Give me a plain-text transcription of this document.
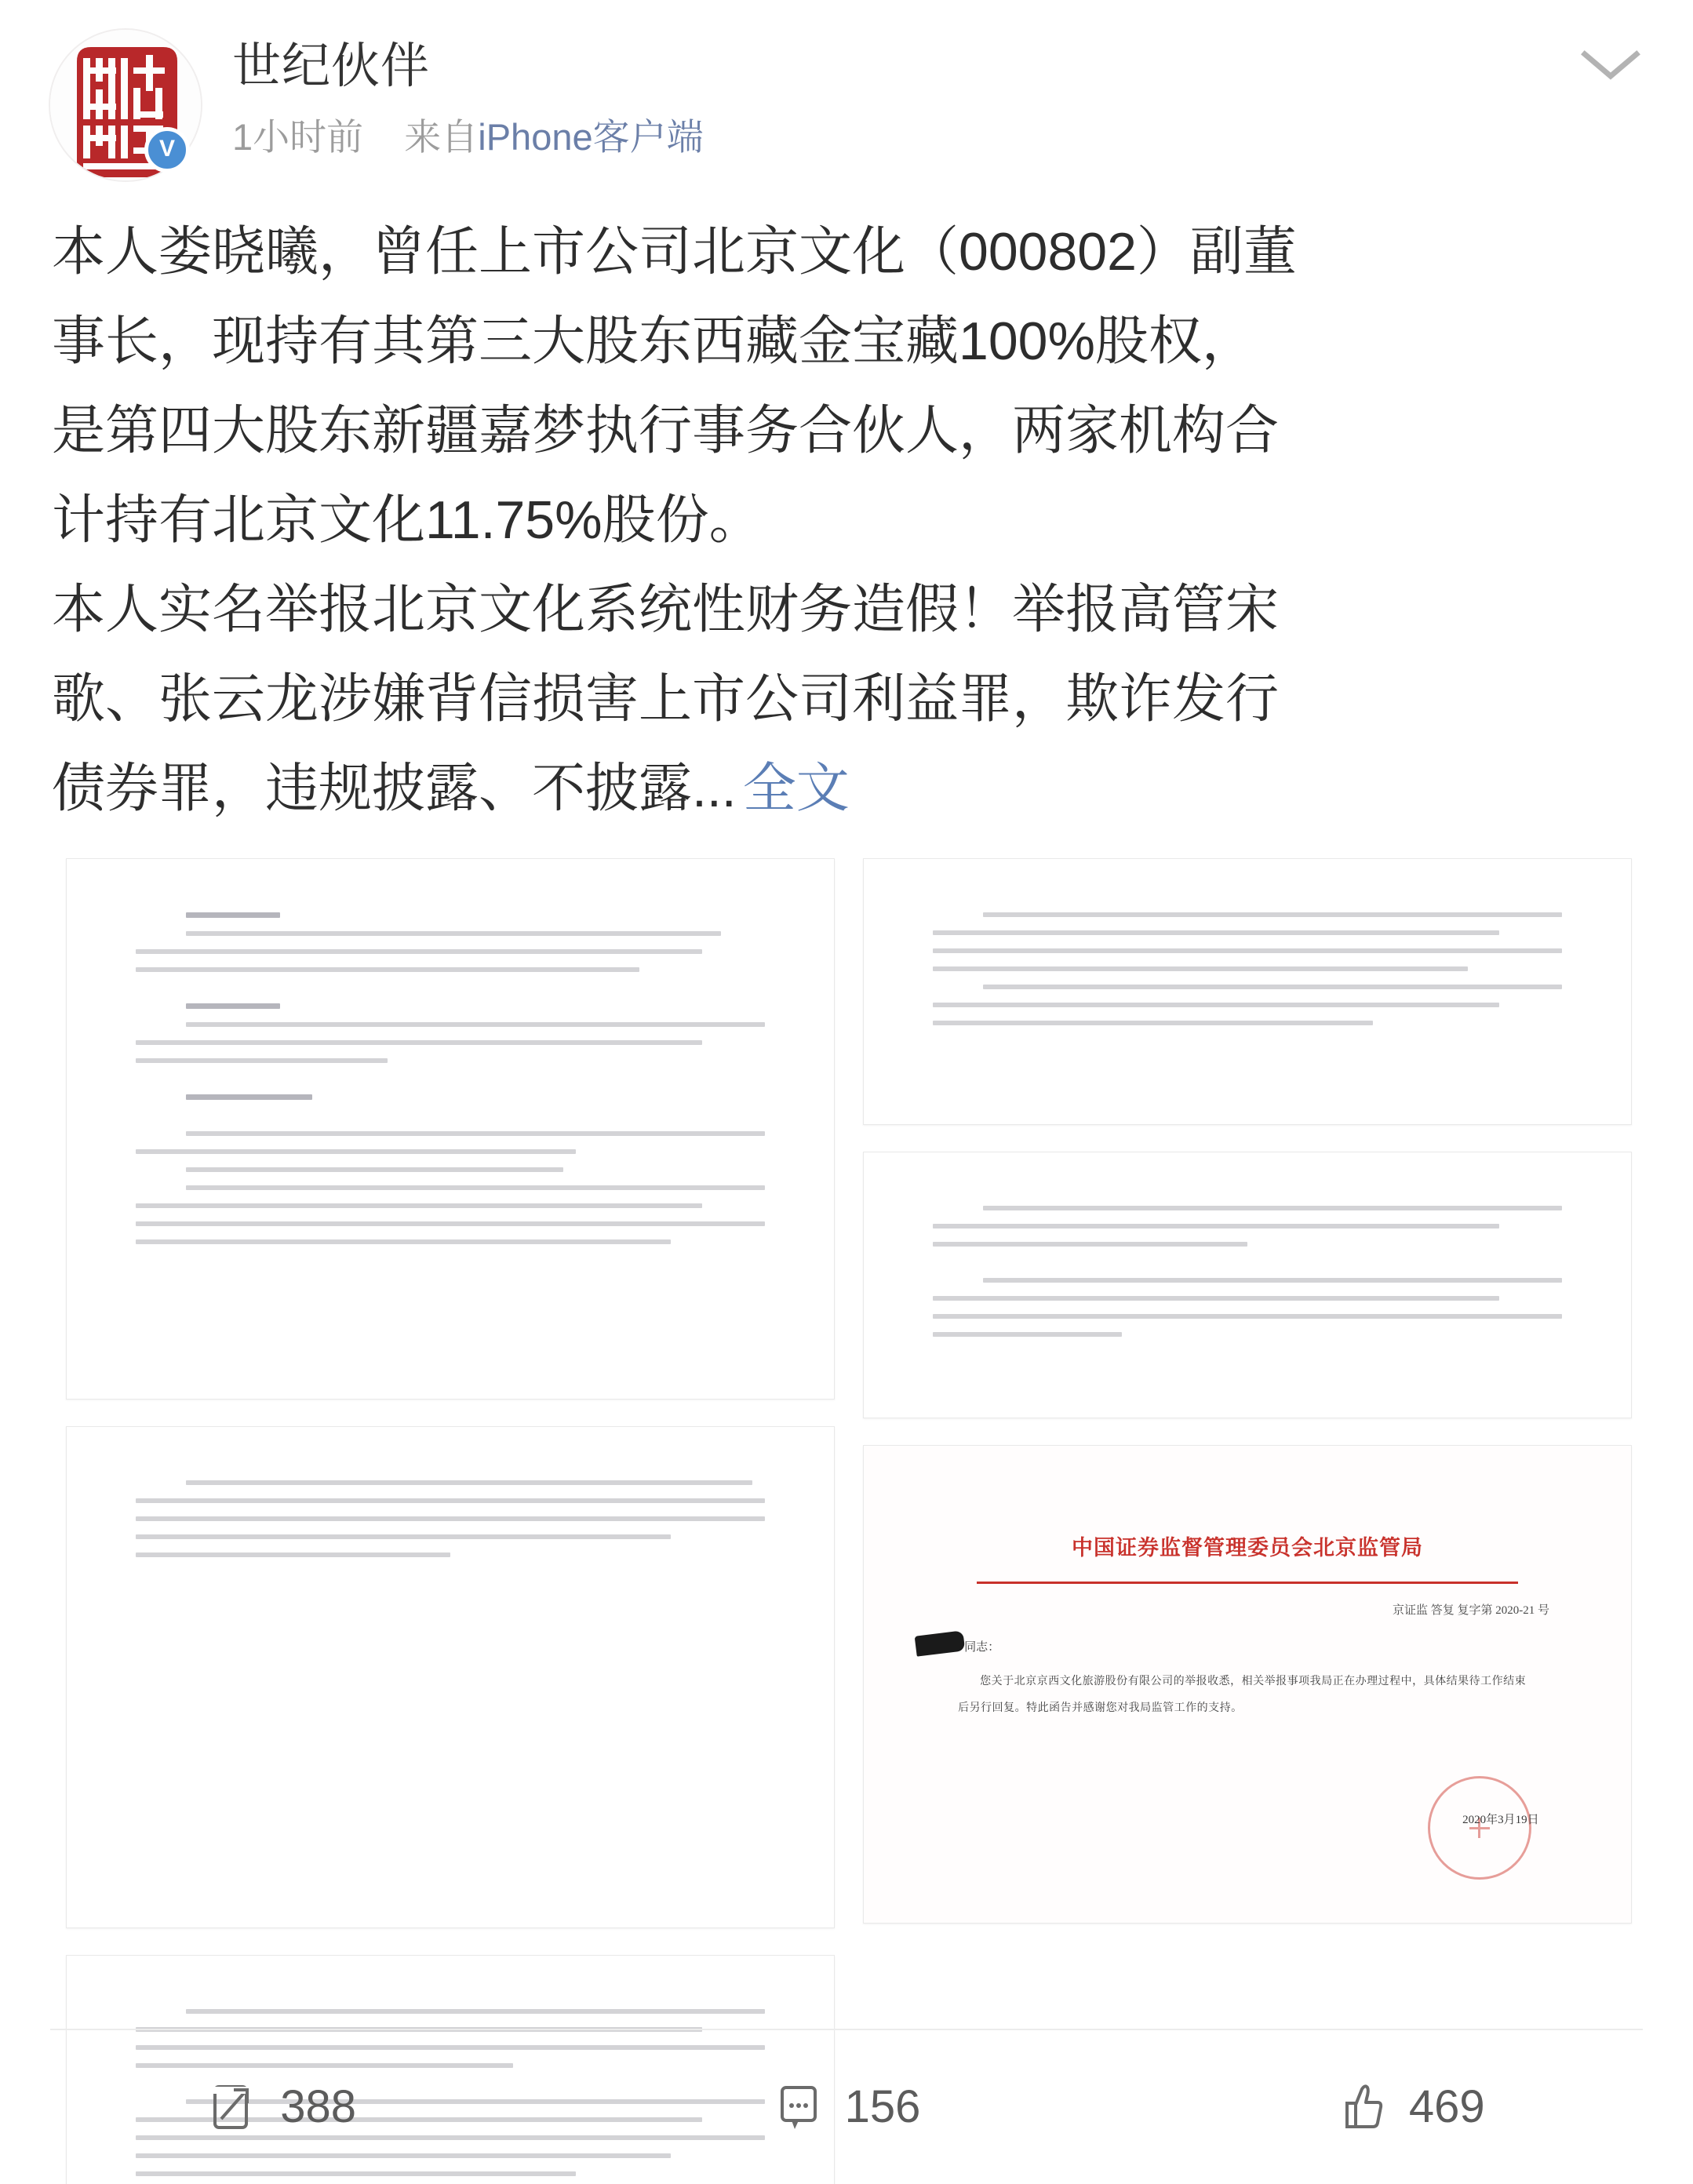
V
世纪伙伴
1小时前 来自iPhone客户端
本人娄晓曦，曾任上市公司北京文化（000802）副董
事长，现持有其第三大股东西藏金宝藏100%股权，
是第四大股东新疆嘉梦执行事务合伙人，两家机构合
计持有北京文化11.75%股份。
本人实名举报北京文化系统性财务造假！举报高管宋
歌、张云龙涉嫌背信损害上市公司利益罪，欺诈发行
债券罪，违规披露、不披露... 全文
中国证券监督管理委员会北京监管局
京证监 答复 复字第 2020-21 号
同志：
您关于北京京西文化旅游股份有限公司的举报收悉，相关举报事项我局正在办理过程中，具体结果待工作结束后另行回复。特此函告并感谢您对我局监管工作的支持。
2020年3月19日
388	156	469
